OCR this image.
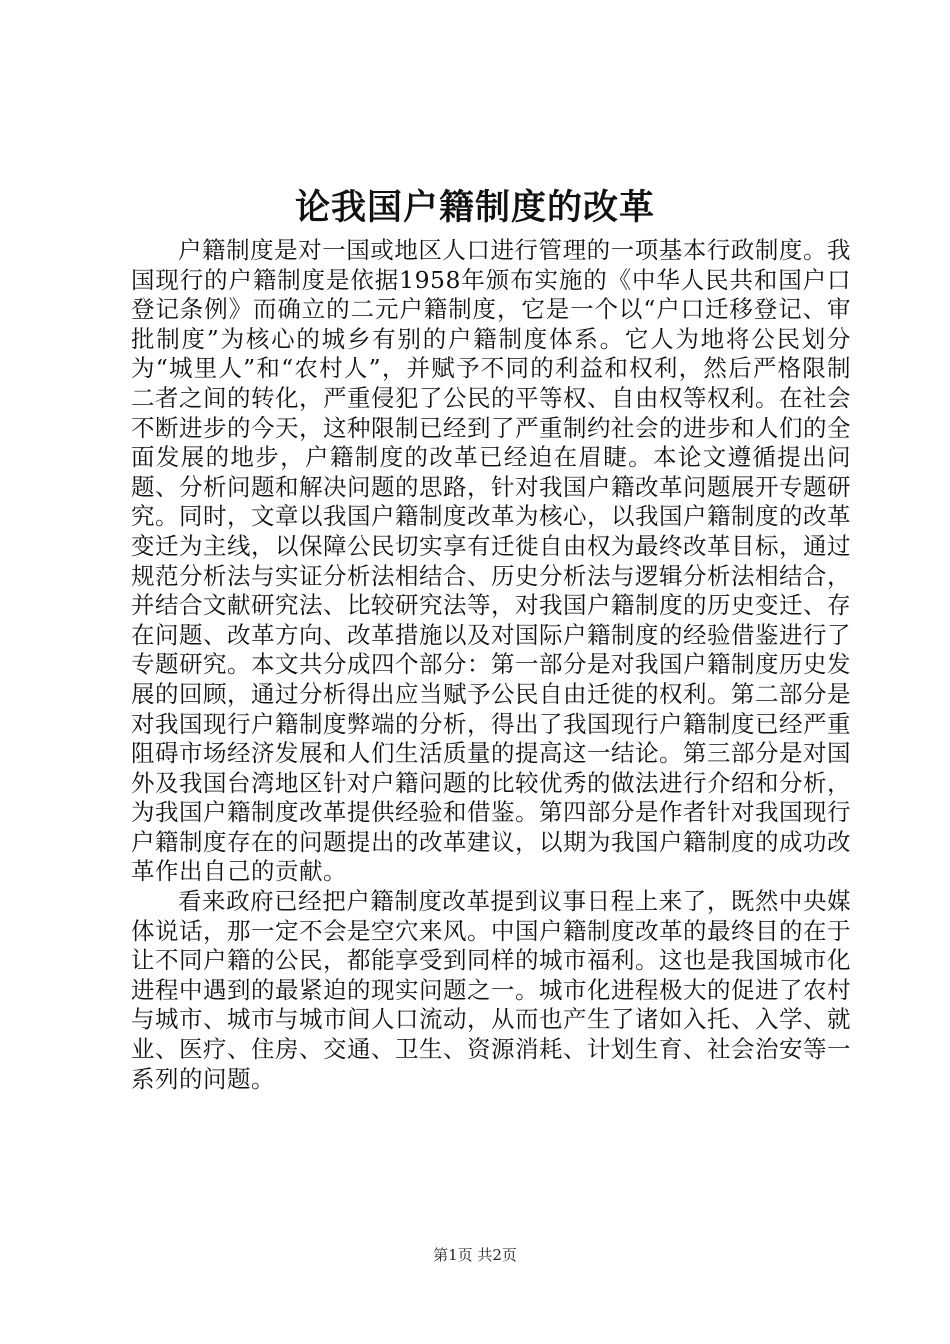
论我国户籍制度的改革

户籍制度是对一国或地区人口进行管理的一项基本行政制度。我国现行的户籍制度是依据1958年颁布实施的《中华人民共和国户口登记条例》而确立的二元户籍制度，它是一个以“户口迁移登记、审批制度”为核心的城乡有别的户籍制度体系。它人为地将公民划分为“城里人”和“农村人”，并赋予不同的利益和权利，然后严格限制二者之间的转化，严重侵犯了公民的平等权、自由权等权利。在社会不断进步的今天，这种限制已经到了严重制约社会的进步和人们的全面发展的地步，户籍制度的改革已经迫在眉睫。本论文遵循提出问题、分析问题和解决问题的思路，针对我国户籍改革问题展开专题研究。同时，文章以我国户籍制度改革为核心，以我国户籍制度的改革变迁为主线，以保障公民切实享有迁徙自由权为最终改革目标，通过规范分析法与实证分析法相结合、历史分析法与逻辑分析法相结合，并结合文献研究法、比较研究法等，对我国户籍制度的历史变迁、存在问题、改革方向、改革措施以及对国际户籍制度的经验借鉴进行了专题研究。本文共分成四个部分：第一部分是对我国户籍制度历史发展的回顾，通过分析得出应当赋予公民自由迁徙的权利。第二部分是对我国现行户籍制度弊端的分析，得出了我国现行户籍制度已经严重阻碍市场经济发展和人们生活质量的提高这一结论。第三部分是对国外及我国台湾地区针对户籍问题的比较优秀的做法进行介绍和分析，为我国户籍制度改革提供经验和借鉴。第四部分是作者针对我国现行户籍制度存在的问题提出的改革建议，以期为我国户籍制度的成功改革作出自己的贡献。

看来政府已经把户籍制度改革提到议事日程上来了，既然中央媒体说话，那一定不会是空穴来风。中国户籍制度改革的最终目的在于让不同户籍的公民，都能享受到同样的城市福利。这也是我国城市化进程中遇到的最紧迫的现实问题之一。城市化进程极大的促进了农村与城市、城市与城市间人口流动，从而也产生了诸如入托、入学、就业、医疗、住房、交通、卫生、资源消耗、计划生育、社会治安等一系列的问题。

第1页 共2页
